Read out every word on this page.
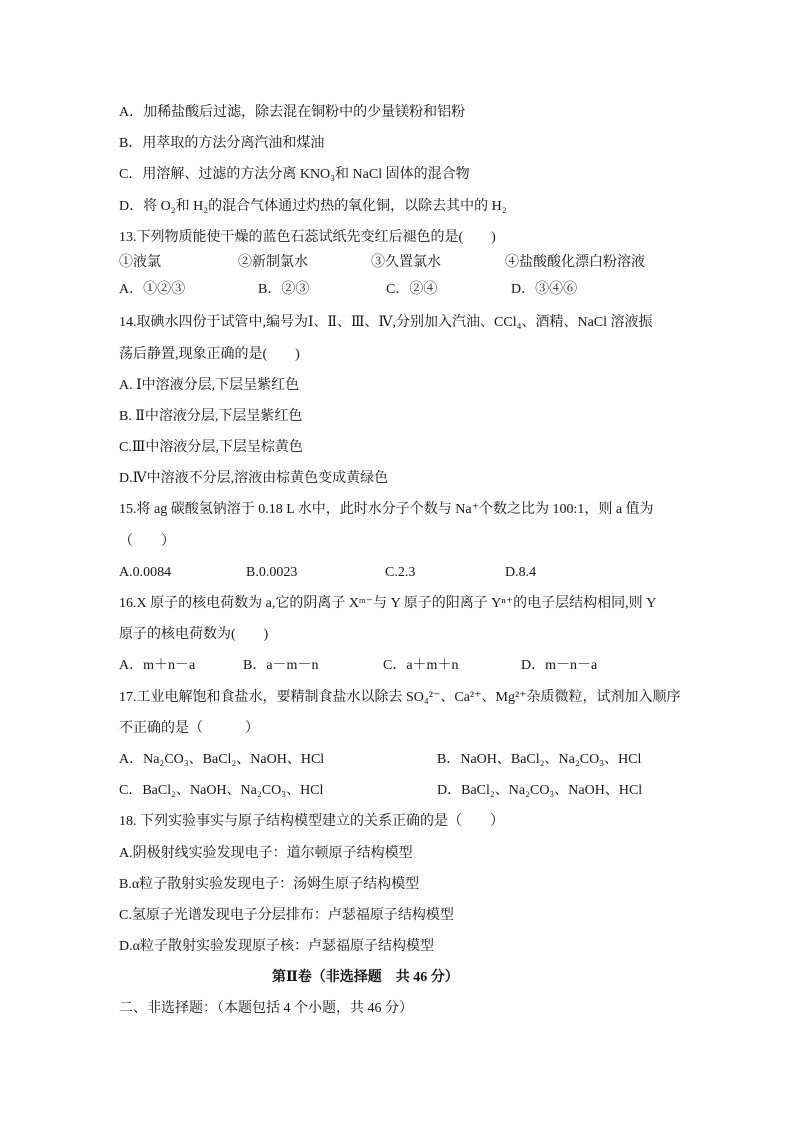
A．加稀盐酸后过滤，除去混在铜粉中的少量镁粉和铝粉
B．用萃取的方法分离汽油和煤油
C．用溶解、过滤的方法分离 KNO₃和 NaCl 固体的混合物
D．将 O₂和 H₂的混合气体通过灼热的氧化铜，以除去其中的 H₂
13.下列物质能使干燥的蓝色石蕊试纸先变红后褪色的是(　　)
①液氯	②新制氯水	③久置氯水	④盐酸酸化漂白粉溶液
A．①②③	B．②③	C．②④	D．③④⑥
14.取碘水四份于试管中,编号为Ⅰ、Ⅱ、Ⅲ、Ⅳ,分别加入汽油、CCl₄、酒精、NaCl 溶液振
荡后静置,现象正确的是(　　)
A. Ⅰ中溶液分层,下层呈紫红色
B. Ⅱ中溶液分层,下层呈紫红色
C.Ⅲ中溶液分层,下层呈棕黄色
D.Ⅳ中溶液不分层,溶液由棕黄色变成黄绿色
15.将 ag 碳酸氢钠溶于 0.18 L 水中，此时水分子个数与 Na⁺个数之比为 100:1，则 a 值为
（　　）
A.0.0084	B.0.0023	C.2.3	D.8.4
16.X 原子的核电荷数为 a,它的阴离子 Xᵐ⁻与 Y 原子的阳离子 Yⁿ⁺的电子层结构相同,则 Y
原子的核电荷数为(　　)
A．m＋n－a	B．a－m－n	C．a＋m＋n	D．m－n－a
17.工业电解饱和食盐水，要精制食盐水以除去 SO₄²⁻、Ca²⁺、Mg²⁺杂质微粒，试剂加入顺序
不正确的是（　　　）
A．Na₂CO₃、BaCl₂、NaOH、HCl	B．NaOH、BaCl₂、Na₂CO₃、HCl
C．BaCl₂、NaOH、Na₂CO₃、HCl	D．BaCl₂、Na₂CO₃、NaOH、HCl
18. 下列实验事实与原子结构模型建立的关系正确的是（　　）
A.阴极射线实验发现电子：道尔顿原子结构模型
B.α粒子散射实验发现电子：汤姆生原子结构模型
C.氢原子光谱发现电子分层排布：卢瑟福原子结构模型
D.α粒子散射实验发现原子核：卢瑟福原子结构模型
第Ⅱ卷（非选择题　共 46 分）
二、非选择题：（本题包括 4 个小题，共 46 分）
